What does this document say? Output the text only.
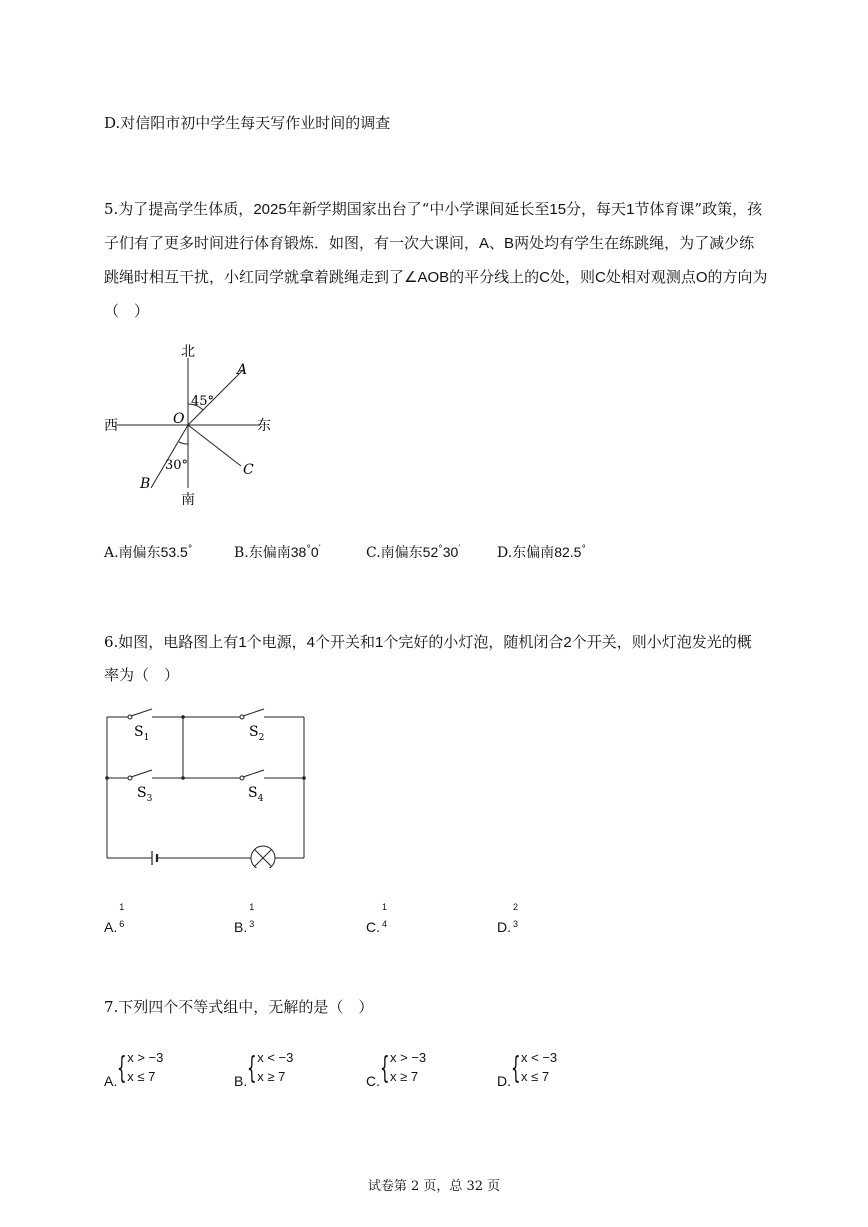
D.对信阳市初中学生每天写作业时间的调查
5.为了提高学生体质，2025年新学期国家出台了“中小学课间延长至15分，每天1节体育课”政策，孩
子们有了更多时间进行体育锻炼．如图，有一次大课间，A、B两处均有学生在练跳绳，为了减少练
跳绳时相互干扰，小红同学就拿着跳绳走到了∠AOB的平分线上的C处，则C处相对观测点O的方向为
（　）
北
南
东
西	O
A
B
C
45°
30°
A.南偏东53.5°	B.东偏南38°0′	C.南偏东52°30′	D.东偏南82.5°
6.如图，电路图上有1个电源，4个开关和1个完好的小灯泡，随机闭合2个开关，则小灯泡发光的概
率为（　）
$S_1$	$S_2$
$S_3$	$S_4$
A.
1
6	B.
1
3	C.
1
4	D.
2
3
7.下列四个不等式组中，无解的是（　）
A. { x > −3
x ≤ 7	B. { x < −3
x ≥ 7	C. { x > −3
x ≥ 7	D. { x < −3
x ≤ 7
试卷第 2 页，总 32 页
